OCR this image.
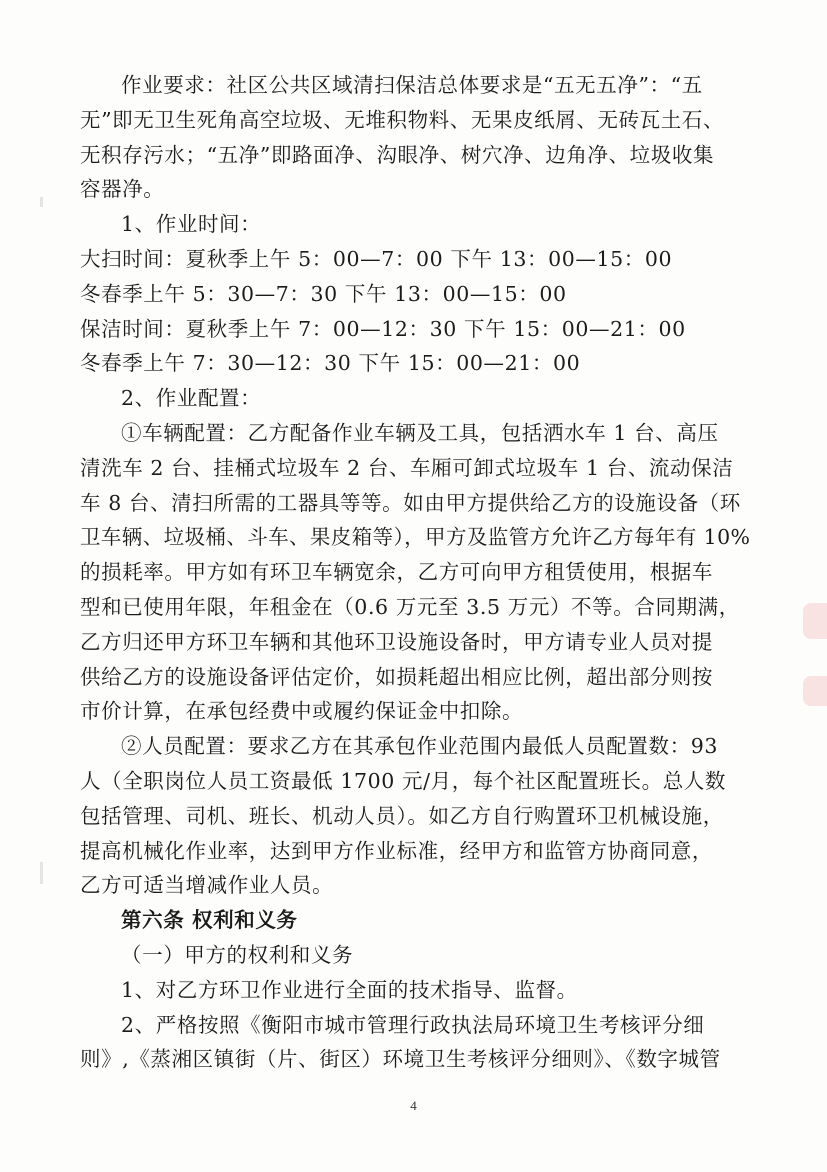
作业要求：社区公共区域清扫保洁总体要求是“五无五净”：“五
无”即无卫生死角高空垃圾、无堆积物料、无果皮纸屑、无砖瓦土石、
无积存污水；“五净”即路面净、沟眼净、树穴净、边角净、垃圾收集
容器净。
1、作业时间：
大扫时间：夏秋季上午 5：00—7：00 下午 13：00—15：00
冬春季上午 5：30—7：30 下午 13：00—15：00
保洁时间：夏秋季上午 7：00—12：30 下午 15：00—21：00
冬春季上午 7：30—12：30 下午 15：00—21：00
2、作业配置：
①车辆配置：乙方配备作业车辆及工具，包括洒水车 1 台、高压
清洗车 2 台、挂桶式垃圾车 2 台、车厢可卸式垃圾车 1 台、流动保洁
车 8 台、清扫所需的工器具等等。如由甲方提供给乙方的设施设备（环
卫车辆、垃圾桶、斗车、果皮箱等），甲方及监管方允许乙方每年有 10%
的损耗率。甲方如有环卫车辆宽余，乙方可向甲方租赁使用，根据车
型和已使用年限，年租金在（0.6 万元至 3.5 万元）不等。合同期满，
乙方归还甲方环卫车辆和其他环卫设施设备时，甲方请专业人员对提
供给乙方的设施设备评估定价，如损耗超出相应比例，超出部分则按
市价计算，在承包经费中或履约保证金中扣除。
②人员配置：要求乙方在其承包作业范围内最低人员配置数：93
人（全职岗位人员工资最低 1700 元/月，每个社区配置班长。总人数
包括管理、司机、班长、机动人员）。如乙方自行购置环卫机械设施，
提高机械化作业率，达到甲方作业标准，经甲方和监管方协商同意，
乙方可适当增减作业人员。
第六条 权利和义务
（一）甲方的权利和义务
1、对乙方环卫作业进行全面的技术指导、监督。
2、严格按照《衡阳市城市管理行政执法局环境卫生考核评分细
则》,《蒸湘区镇街（片、街区）环境卫生考核评分细则》、《数字城管
4
